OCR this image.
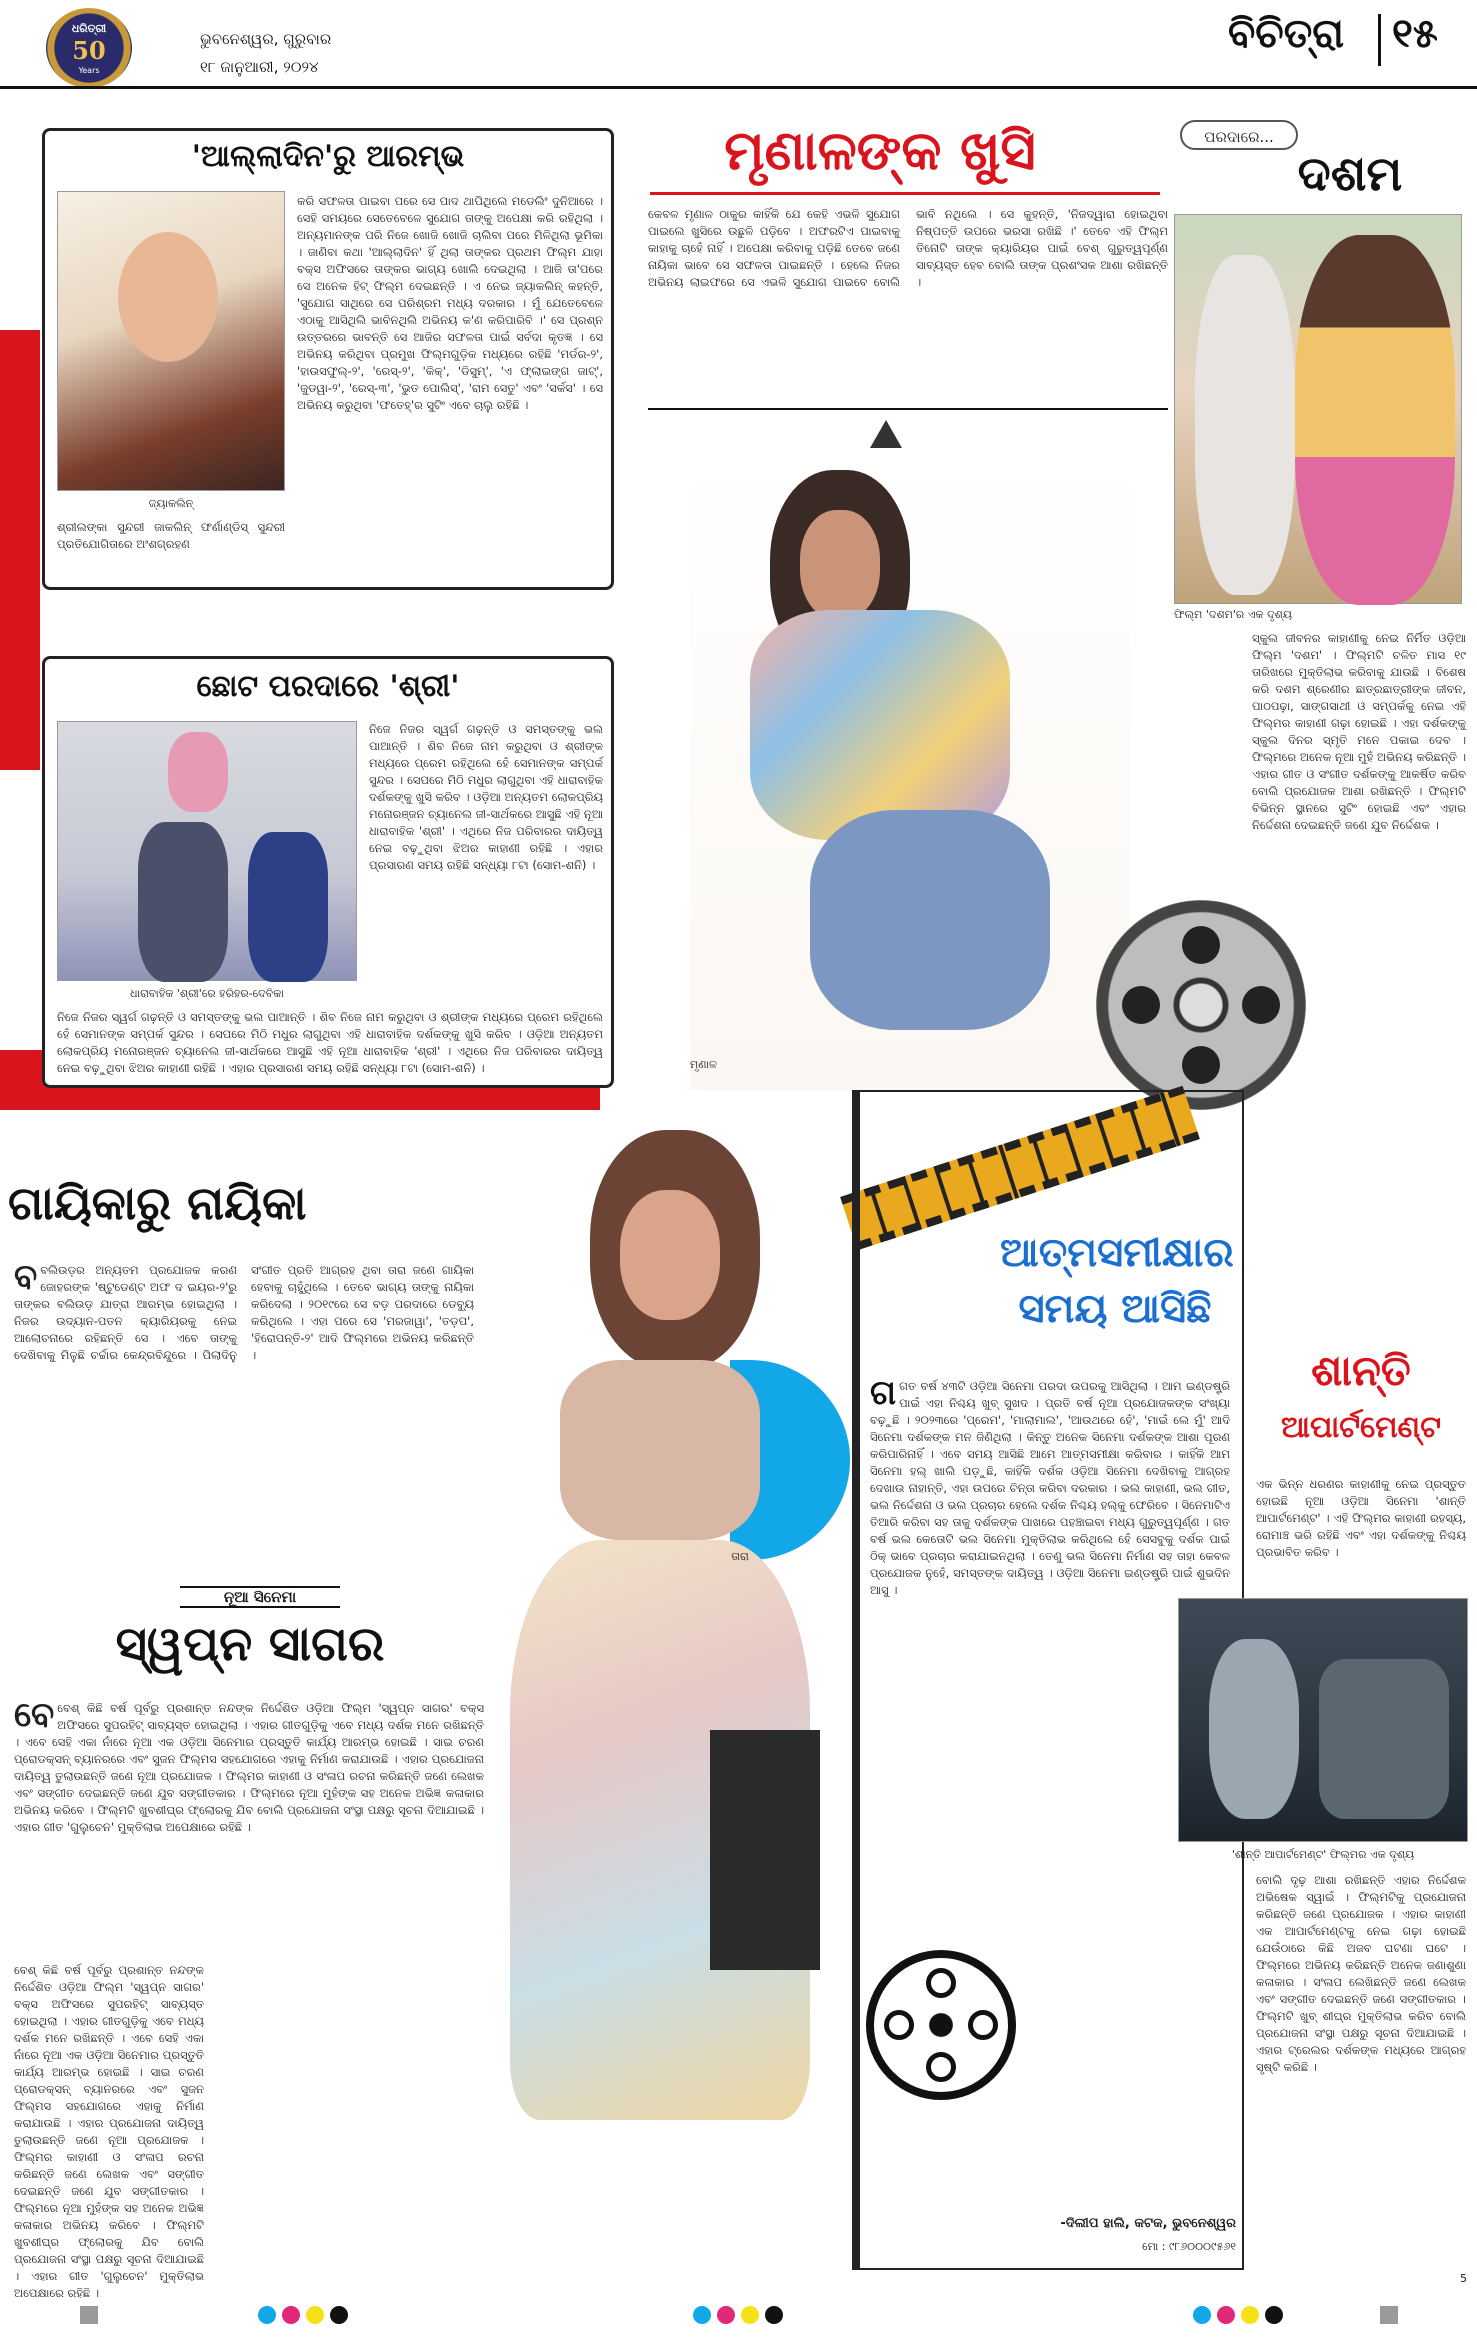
ଧରିତ୍ରୀ
50
Years
ଭୁବନେଶ୍ୱର, ଗୁରୁବାର
୧୮ ଜାନୁଆରୀ, ୨୦୨୪
ବିଚିତ୍ରା ୧୫
'ଆଲ୍ଲାଦିନ'ରୁ ଆରମ୍ଭ
ଜ୍ୟାକଲିନ୍
ଶ୍ରୀଲଙ୍କା ସୁନ୍ଦରୀ ଜାକଲିନ୍ ଫର୍ଣାଣ୍ଡିସ୍ ସୁନ୍ଦରୀ ପ୍ରତିଯୋଗିତାରେ ଅଂଶଗ୍ରହଣ
କରି ସଫଳତା ପାଇବା ପରେ ସେ ପାଦ ଥାପିଥିଲେ ମଡେଲିଂ ଦୁନିଆରେ । ସେହି ସମୟରେ ସେତେବେଳେ ସୁଯୋଗ ତାଙ୍କୁ ଅପେକ୍ଷା କରି ରହିଥିଲା । ଅନ୍ୟମାନଙ୍କ ପରି ନିଜେ ଖୋଜି ଖୋଜି ଚାଲିବା ପରେ ମିଳିଥିଲା ଭୂମିକା । ଜାଣିବା କଥା 'ଆଲ୍ଲାଦିନ' ହିଁ ଥିଲା ତାଙ୍କର ପ୍ରଥମ ଫିଲ୍ମ ଯାହା ବକ୍ସ ଅଫିସରେ ତାଙ୍କର ଭାଗ୍ୟ ଖୋଲି ଦେଇଥିଲା । ଆଜି ତା'ପରେ ସେ ଅନେକ ହିଟ୍ ଫିଲ୍ମ ଦେଇଛନ୍ତି । ଏ ନେଇ ଜ୍ୟାକଲିନ୍ କହନ୍ତି, 'ସୁଯୋଗ ସାଥିରେ ସେ ପରିଶ୍ରମ ମଧ୍ୟ ଦରକାର । ମୁଁ ଯେତେବେଳେ ଏଠାକୁ ଆସିଥିଲି ଭାବିନଥିଲି ଅଭିନୟ କ'ଣ କରିପାରିବି ।' ସେ ପ୍ରଶ୍ନ ଉତ୍ତରରେ ଭାବନ୍ତି ସେ ଆଜିର ସଫଳତା ପାଇଁ ସର୍ବଦା କୃତଜ୍ଞ । ସେ ଅଭିନୟ କରିଥିବା ପ୍ରମୁଖ ଫିଲ୍ମଗୁଡ଼ିକ ମଧ୍ୟରେ ରହିଛି 'ମର୍ଡର-୨', 'ହାଉସଫୁଲ୍-୨', 'ରେସ୍-୨', 'କିକ୍', 'ଡିସୁମ୍', 'ଏ ଫ୍ଲାଇଙ୍ଗ ଜାଟ୍', 'ଜୁଡୱା-୨', 'ରେସ୍-୩', 'ଭୁତ ପୋଲିସ୍', 'ରାମ ସେତୁ' ଏବଂ 'ସର୍କସ' । ସେ ଅଭିନୟ କରୁଥିବା 'ଫତେହ୍'ର ସୁଟିଂ ଏବେ ଚାଲୁ ରହିଛି ।
ଛୋଟ ପରଦାରେ 'ଶ୍ରୀ'
ଧାରାବାହିକ 'ଶ୍ରୀ'ରେ ହରିହର-ଦେବିକା
ନିଜେ ନିଜର ସ୍ୱର୍ଗ ଗଢ଼ନ୍ତି ଓ ସମସ୍ତଙ୍କୁ ଭଲ ପାଆନ୍ତି । ଶିବ ନିଜେ ନାମ କରୁଥିବା ଓ ଶ୍ରୀଙ୍କ ମଧ୍ୟରେ ପ୍ରେମ ରହିଥିଲେ ହେଁ ସେମାନଙ୍କ ସମ୍ପର୍କ ସୁନ୍ଦର । ସେପରେ ମିଠି ମଧୁର ଲାଗୁଥିବା ଏହି ଧାରାବାହିକ ଦର୍ଶକଙ୍କୁ ଖୁସି କରିବ । ଓଡ଼ିଆ ଅନ୍ୟତମ ଲୋକପ୍ରିୟ ମନୋରଞ୍ଜନ ଚ୍ୟାନେଲ ଜୀ-ସାର୍ଥକରେ ଆସୁଛି ଏହି ନୂଆ ଧାରାବାହିକ 'ଶ୍ରୀ' । ଏଥିରେ ନିଜ ପରିବାରର ଦାୟିତ୍ୱ ନେଇ ବଢ଼ୁଥିବା ଝିଅର କାହାଣୀ ରହିଛି । ଏହାର ପ୍ରସାରଣ ସମୟ ରହିଛି ସନ୍ଧ୍ୟା ୮ଟା (ସୋମ-ଶନି) ।
ନିଜେ ନିଜର ସ୍ୱର୍ଗ ଗଢ଼ନ୍ତି ଓ ସମସ୍ତଙ୍କୁ ଭଲ ପାଆନ୍ତି । ଶିବ ନିଜେ ନାମ କରୁଥିବା ଓ ଶ୍ରୀଙ୍କ ମଧ୍ୟରେ ପ୍ରେମ ରହିଥିଲେ ହେଁ ସେମାନଙ୍କ ସମ୍ପର୍କ ସୁନ୍ଦର । ସେପରେ ମିଠି ମଧୁର ଲାଗୁଥିବା ଏହି ଧାରାବାହିକ ଦର୍ଶକଙ୍କୁ ଖୁସି କରିବ । ଓଡ଼ିଆ ଅନ୍ୟତମ ଲୋକପ୍ରିୟ ମନୋରଞ୍ଜନ ଚ୍ୟାନେଲ ଜୀ-ସାର୍ଥକରେ ଆସୁଛି ଏହି ନୂଆ ଧାରାବାହିକ 'ଶ୍ରୀ' । ଏଥିରେ ନିଜ ପରିବାରର ଦାୟିତ୍ୱ ନେଇ ବଢ଼ୁଥିବା ଝିଅର କାହାଣୀ ରହିଛି । ଏହାର ପ୍ରସାରଣ ସମୟ ରହିଛି ସନ୍ଧ୍ୟା ୮ଟା (ସୋମ-ଶନି) ।
ମୃଣାଳଙ୍କ ଖୁସି
କେବଳ ମୃଣାଳ ଠାକୁର କାହିଁକି ଯେ କେହି ଏଭଳି ସୁଯୋଗ ପାଇଲେ ଖୁସିରେ ଉଛୁଳି ପଡ଼ିବେ । ଅଫରଟିଏ ପାଇବାକୁ କାହାକୁ ଚାହେଁ ନାହିଁ । ଅପେକ୍ଷା କରିବାକୁ ପଡ଼ିଛି ତେବେ ଜଣେ ନାୟିକା ଭାବେ ସେ ସଫଳତା ପାଇଛନ୍ତି । ହେଲେ ନିଜର ଅଭିନୟ ଲାଇଫରେ ସେ ଏଭଳି ସୁଯୋଗ ପାଇବେ ବୋଲି ଭାବି ନଥିଲେ । ସେ କୁହନ୍ତି, 'ନିଜଦ୍ୱାରା ହୋଇଥିବା ନିଷ୍ପତ୍ତି ଉପରେ ଭରସା ରଖିଛି ।' ତେବେ ଏହି ଫିଲ୍ମ ତିନୋଟି ତାଙ୍କ କ୍ୟାରିୟର ପାଇଁ ବେଶ୍ ଗୁରୁତ୍ୱପୂର୍ଣ୍ଣ ସାବ୍ୟସ୍ତ ହେବ ବୋଲି ତାଙ୍କ ପ୍ରଶଂସକ ଆଶା ରଖିଛନ୍ତି ।
ମୃଣାଳ
ପରଦାରେ...
ଦଶମ
ଫିଲ୍ମ 'ଦଶମ'ର ଏକ ଦୃଶ୍ୟ
ସ୍କୁଲ ଜୀବନର କାହାଣୀକୁ ନେଇ ନିର୍ମିତ ଓଡ଼ିଆ ଫିଲ୍ମ 'ଦଶମ' । ଫିଲ୍ମଟି ଚଳିତ ମାସ ୧୯ ତାରିଖରେ ମୁକ୍ତିଲାଭ କରିବାକୁ ଯାଉଛି । ବିଶେଷ କରି ଦଶମ ଶ୍ରେଣୀର ଛାତ୍ରଛାତ୍ରୀଙ୍କ ଜୀବନ, ପାଠପଢ଼ା, ସାଙ୍ଗସାଥୀ ଓ ସମ୍ପର୍କକୁ ନେଇ ଏହି ଫିଲ୍ମର କାହାଣୀ ଗଢ଼ା ହୋଇଛି । ଏହା ଦର୍ଶକଙ୍କୁ ସ୍କୁଲ ଦିନର ସ୍ମୃତି ମନେ ପକାଇ ଦେବ । ଫିଲ୍ମରେ ଅନେକ ନୂଆ ମୁହଁ ଅଭିନୟ କରିଛନ୍ତି । ଏହାର ଗୀତ ଓ ସଂଗୀତ ଦର୍ଶକଙ୍କୁ ଆକର୍ଷିତ କରିବ ବୋଲି ପ୍ରଯୋଜକ ଆଶା ରଖିଛନ୍ତି । ଫିଲ୍ମଟି ବିଭିନ୍ନ ସ୍ଥାନରେ ସୁଟିଂ ହୋଇଛି ଏବଂ ଏହାର ନିର୍ଦ୍ଦେଶନା ଦେଇଛନ୍ତି ଜଣେ ଯୁବ ନିର୍ଦ୍ଦେଶକ ।
ଆତ୍ମସମୀକ୍ଷାର
ସମୟ ଆସିଛି
ଗ ଗତ ବର୍ଷ ୪୩ଟି ଓଡ଼ିଆ ସିନେମା ପରଦା ଉପରକୁ ଆସିଥିଲା । ଆମ ଇଣ୍ଡଷ୍ଟ୍ରି ପାଇଁ ଏହା ନିଶ୍ଚୟ ଖୁବ୍ ସୁଖଦ । ପ୍ରତି ବର୍ଷ ନୂଆ ପ୍ରଯୋଜକଙ୍କ ସଂଖ୍ୟା ବଢ଼ୁଛି । ୨୦୨୩ରେ 'ପ୍ରେମ', 'ମାଲାମାଲ', 'ଆଉଥରେ ହେଁ', 'ମାଇଁ ଲେ ମୁଁ' ଆଦି ସିନେମା ଦର୍ଶକଙ୍କ ମନ ଜିଣିଥିଲା । କିନ୍ତୁ ଅନେକ ସିନେମା ଦର୍ଶକଙ୍କ ଆଶା ପୂରଣ କରିପାରିନାହିଁ । ଏବେ ସମୟ ଆସିଛି ଆମେ ଆତ୍ମସମୀକ୍ଷା କରିବାର । କାହିଁକି ଆମ ସିନେମା ହଲ୍ ଖାଲି ପଡ଼ୁଛି, କାହିଁକି ଦର୍ଶକ ଓଡ଼ିଆ ସିନେମା ଦେଖିବାକୁ ଆଗ୍ରହ ଦେଖାଉ ନାହାନ୍ତି, ଏହା ଉପରେ ଚିନ୍ତା କରିବା ଦରକାର । ଭଲ କାହାଣୀ, ଭଲ ଗୀତ, ଭଲ ନିର୍ଦ୍ଦେଶନା ଓ ଭଲ ପ୍ରଚାର ହେଲେ ଦର୍ଶକ ନିଶ୍ଚୟ ହଲ୍‌କୁ ଫେରିବେ । ସିନେମାଟିଏ ତିଆରି କରିବା ସହ ତାକୁ ଦର୍ଶକଙ୍କ ପାଖରେ ପହଞ୍ଚାଇବା ମଧ୍ୟ ଗୁରୁତ୍ୱପୂର୍ଣ୍ଣ । ଗତ ବର୍ଷ ଭଲ କେତୋଟି ଭଲ ସିନେମା ମୁକ୍ତିଲାଭ କରିଥିଲେ ହେଁ ସେସବୁକୁ ଦର୍ଶକ ପାଇଁ ଠିକ୍ ଭାବେ ପ୍ରଚାର କରାଯାଇନଥିଲା । ତେଣୁ ଭଲ ସିନେମା ନିର୍ମାଣ ସହ ତାହା କେବଳ ପ୍ରଯୋଜକ ନୁହେଁ, ସମସ୍ତଙ୍କ ଦାୟିତ୍ୱ । ଓଡ଼ିଆ ସିନେମା ଇଣ୍ଡଷ୍ଟ୍ରି ପାଇଁ ଶୁଭଦିନ ଆସୁ ।
-ଦିଲୀପ ହାଲି, କଟକ, ଭୁବନେଶ୍ୱର
ମୋ : ୯୮୬୦୦୦୯୫୬୧
ଶାନ୍ତି
ଆପାର୍ଟମେଣ୍ଟ
ଏକ ଭିନ୍ନ ଧରଣର କାହାଣୀକୁ ନେଇ ପ୍ରସ୍ତୁତ ହୋଇଛି ନୂଆ ଓଡ଼ିଆ ସିନେମା 'ଶାନ୍ତି ଆପାର୍ଟମେଣ୍ଟ' । ଏହି ଫିଲ୍ମର କାହାଣୀ ରହସ୍ୟ, ରୋମାଞ୍ଚ ଭରି ରହିଛି ଏବଂ ଏହା ଦର୍ଶକଙ୍କୁ ନିଶ୍ଚୟ ପ୍ରଭାବିତ କରିବ ।
'ଶାନ୍ତି ଆପାର୍ଟମେଣ୍ଟ' ଫିଲ୍ମର ଏକ ଦୃଶ୍ୟ
ବୋଲି ଦୃଢ଼ ଆଶା ରଖିଛନ୍ତି ଏହାର ନିର୍ଦ୍ଦେଶକ ଅଭିଷେକ ସ୍ୱାଇଁ । ଫିଲ୍ମଟିକୁ ପ୍ରଯୋଜନା କରିଛନ୍ତି ଜଣେ ପ୍ରଯୋଜକ । ଏହାର କାହାଣୀ ଏକ ଆପାର୍ଟମେଣ୍ଟକୁ ନେଇ ଗଢ଼ା ହୋଇଛି ଯେଉଁଠାରେ କିଛି ଅଜବ ଘଟଣା ଘଟେ । ଫିଲ୍ମରେ ଅଭିନୟ କରିଛନ୍ତି ଅନେକ ଜଣାଶୁଣା କଳାକାର । ସଂଳାପ ଲେଖିଛନ୍ତି ଜଣେ ଲେଖକ ଏବଂ ସଙ୍ଗୀତ ଦେଇଛନ୍ତି ଜଣେ ସଙ୍ଗୀତକାର । ଫିଲ୍ମଟି ଖୁବ୍ ଶୀଘ୍ର ମୁକ୍ତିଲାଭ କରିବ ବୋଲି ପ୍ରଯୋଜନା ସଂସ୍ଥା ପକ୍ଷରୁ ସୂଚନା ଦିଆଯାଇଛି । ଏହାର ଟ୍ରେଲର ଦର୍ଶକଙ୍କ ମଧ୍ୟରେ ଆଗ୍ରହ ସୃଷ୍ଟି କରିଛି ।
ଗାୟିକାରୁ ନାୟିକା
ବ ବଲିଉଡ଼ର ଅନ୍ୟତମ ପ୍ରଯୋଜକ କରଣ ଜୋହରଙ୍କ 'ଷ୍ଟୁଡେଣ୍ଟ ଅଫ ଦ ଇୟର-୨'ରୁ ତାଙ୍କର ବଲିଉଡ଼ ଯାତ୍ରା ଆରମ୍ଭ ହୋଇଥିଲା । ନିଜର ଉଦ୍ୟାନ-ପତନ କ୍ୟାରିୟରକୁ ନେଇ ଆଲୋଚନାରେ ରହିଛନ୍ତି ସେ । ଏବେ ତାଙ୍କୁ ଦେଖିବାକୁ ମିଳୁଛି ଚର୍ଚ୍ଚାର କେନ୍ଦ୍ରବିନ୍ଦୁରେ । ପିଲାଦିନୁ ସଂଗୀତ ପ୍ରତି ଆଗ୍ରହ ଥିବା ତାରା ଜଣେ ଗାୟିକା ହେବାକୁ ଚାହୁଁଥିଲେ । ତେବେ ଭାଗ୍ୟ ତାଙ୍କୁ ନାୟିକା କରିଦେଲା । ୨୦୧୯ରେ ସେ ବଡ଼ ପରଦାରେ ଡେବ୍ୟୁ କରିଥିଲେ । ଏହା ପରେ ସେ 'ମରଜାୱା', 'ତଡ଼ପ', 'ହିରୋପନ୍ତି-୨' ଆଦି ଫିଲ୍ମରେ ଅଭିନୟ କରିଛନ୍ତି ।
ତାରା
ନୂଆ ସିନେମା
ସ୍ୱପ୍ନ ସାଗର
ବେ ବେଶ୍ କିଛି ବର୍ଷ ପୂର୍ବରୁ ପ୍ରଶାନ୍ତ ନନ୍ଦଙ୍କ ନିର୍ଦ୍ଦେଶିତ ଓଡ଼ିଆ ଫିଲ୍ମ 'ସ୍ୱପ୍ନ ସାଗର' ବକ୍ସ ଅଫିସରେ ସୁପରହିଟ୍ ସାବ୍ୟସ୍ତ ହୋଇଥିଲା । ଏହାର ଗୀତଗୁଡ଼ିକୁ ଏବେ ମଧ୍ୟ ଦର୍ଶକ ମନେ ରଖିଛନ୍ତି । ଏବେ ସେହି ଏକା ନାଁରେ ନୂଆ ଏକ ଓଡ଼ିଆ ସିନେମାର ପ୍ରସ୍ତୁତି କାର୍ଯ୍ୟ ଆରମ୍ଭ ହୋଇଛି । ସାଇ ଚରଣ ପ୍ରୋଡକ୍ସନ୍ ବ୍ୟାନରରେ ଏବଂ ସୁଜନ ଫିଲ୍ମସ ସହଯୋଗରେ ଏହାକୁ ନିର୍ମାଣ କରାଯାଉଛି । ଏହାର ପ୍ରଯୋଜନା ଦାୟିତ୍ୱ ତୁଲାଉଛନ୍ତି ଜଣେ ନୂଆ ପ୍ରଯୋଜକ । ଫିଲ୍ମର କାହାଣୀ ଓ ସଂଳାପ ରଚନା କରିଛନ୍ତି ଜଣେ ଲେଖକ ଏବଂ ସଙ୍ଗୀତ ଦେଇଛନ୍ତି ଜଣେ ଯୁବ ସଙ୍ଗୀତକାର । ଫିଲ୍ମରେ ନୂଆ ମୁହଁଙ୍କ ସହ ଅନେକ ଅଭିଜ୍ଞ କଳାକାର ଅଭିନୟ କରିବେ । ଫିଲ୍ମଟି ଖୁବଶୀଘ୍ର ଫ୍ଲୋରକୁ ଯିବ ବୋଲି ପ୍ରଯୋଜନା ସଂସ୍ଥା ପକ୍ଷରୁ ସୂଚନା ଦିଆଯାଇଛି । ଏହାର ଗୀତ 'ଗୁଲୁଚେନ' ମୁକ୍ତିଲାଭ ଅପେକ୍ଷାରେ ରହିଛି ।
ବେଶ୍ କିଛି ବର୍ଷ ପୂର୍ବରୁ ପ୍ରଶାନ୍ତ ନନ୍ଦଙ୍କ ନିର୍ଦ୍ଦେଶିତ ଓଡ଼ିଆ ଫିଲ୍ମ 'ସ୍ୱପ୍ନ ସାଗର' ବକ୍ସ ଅଫିସରେ ସୁପରହିଟ୍ ସାବ୍ୟସ୍ତ ହୋଇଥିଲା । ଏହାର ଗୀତଗୁଡ଼ିକୁ ଏବେ ମଧ୍ୟ ଦର୍ଶକ ମନେ ରଖିଛନ୍ତି । ଏବେ ସେହି ଏକା ନାଁରେ ନୂଆ ଏକ ଓଡ଼ିଆ ସିନେମାର ପ୍ରସ୍ତୁତି କାର୍ଯ୍ୟ ଆରମ୍ଭ ହୋଇଛି । ସାଇ ଚରଣ ପ୍ରୋଡକ୍ସନ୍ ବ୍ୟାନରରେ ଏବଂ ସୁଜନ ଫିଲ୍ମସ ସହଯୋଗରେ ଏହାକୁ ନିର୍ମାଣ କରାଯାଉଛି । ଏହାର ପ୍ରଯୋଜନା ଦାୟିତ୍ୱ ତୁଲାଉଛନ୍ତି ଜଣେ ନୂଆ ପ୍ରଯୋଜକ । ଫିଲ୍ମର କାହାଣୀ ଓ ସଂଳାପ ରଚନା କରିଛନ୍ତି ଜଣେ ଲେଖକ ଏବଂ ସଙ୍ଗୀତ ଦେଇଛନ୍ତି ଜଣେ ଯୁବ ସଙ୍ଗୀତକାର । ଫିଲ୍ମରେ ନୂଆ ମୁହଁଙ୍କ ସହ ଅନେକ ଅଭିଜ୍ଞ କଳାକାର ଅଭିନୟ କରିବେ । ଫିଲ୍ମଟି ଖୁବଶୀଘ୍ର ଫ୍ଲୋରକୁ ଯିବ ବୋଲି ପ୍ରଯୋଜନା ସଂସ୍ଥା ପକ୍ଷରୁ ସୂଚନା ଦିଆଯାଇଛି । ଏହାର ଗୀତ 'ଗୁଲୁଚେନ' ମୁକ୍ତିଲାଭ ଅପେକ୍ଷାରେ ରହିଛି ।
5
